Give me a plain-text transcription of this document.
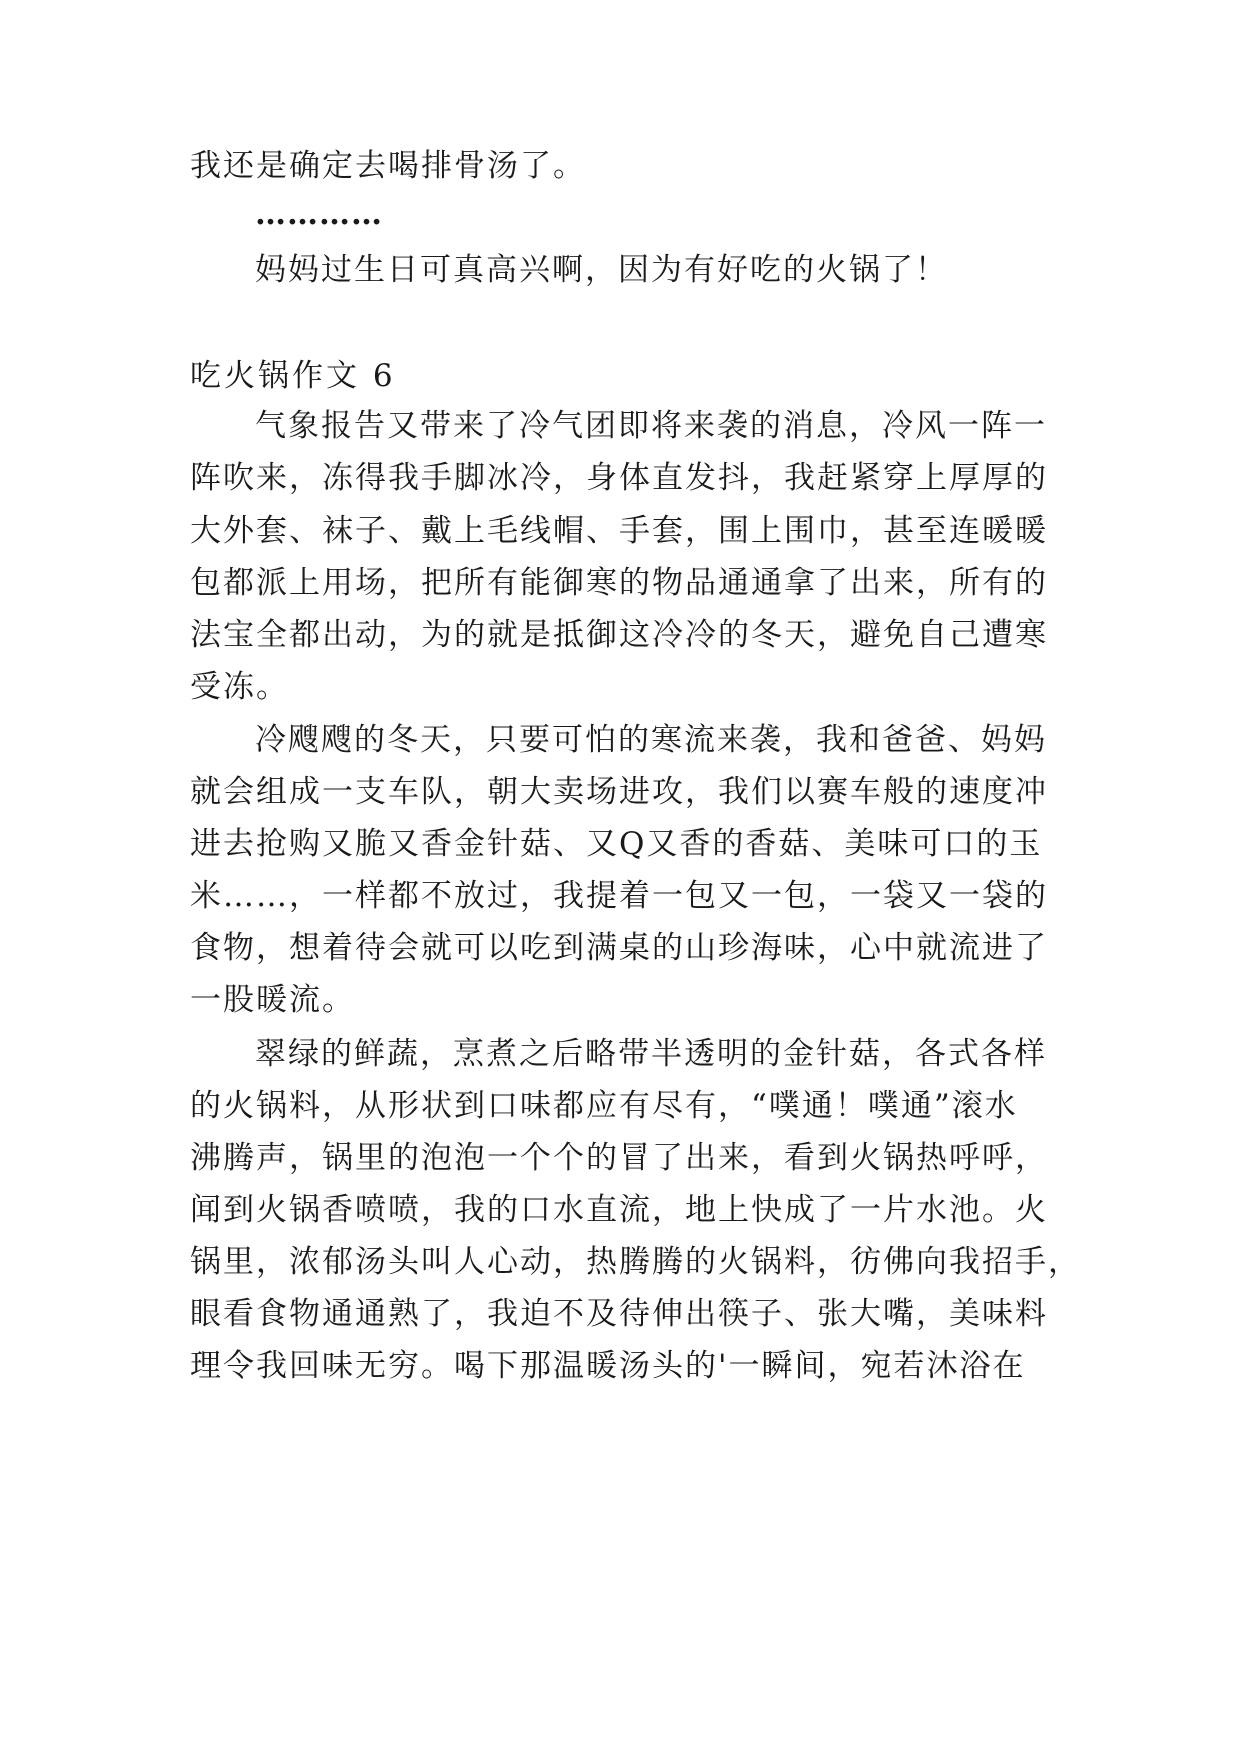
我还是确定去喝排骨汤了。
…………
妈妈过生日可真高兴啊，因为有好吃的火锅了！
吃火锅作文 6
气象报告又带来了冷气团即将来袭的消息，冷风一阵一
阵吹来，冻得我手脚冰冷，身体直发抖，我赶紧穿上厚厚的
大外套、袜子、戴上毛线帽、手套，围上围巾，甚至连暖暖
包都派上用场，把所有能御寒的物品通通拿了出来，所有的
法宝全都出动，为的就是抵御这冷冷的冬天，避免自己遭寒
受冻。
冷飕飕的冬天，只要可怕的寒流来袭，我和爸爸、妈妈
就会组成一支车队，朝大卖场进攻，我们以赛车般的速度冲
进去抢购又脆又香金针菇、又Q又香的香菇、美味可口的玉
米……，一样都不放过，我提着一包又一包，一袋又一袋的
食物，想着待会就可以吃到满桌的山珍海味，心中就流进了
一股暖流。
翠绿的鲜蔬，烹煮之后略带半透明的金针菇，各式各样
的火锅料，从形状到口味都应有尽有，“噗通！噗通”滚水
沸腾声，锅里的泡泡一个个的冒了出来，看到火锅热呼呼，
闻到火锅香喷喷，我的口水直流，地上快成了一片水池。火
锅里，浓郁汤头叫人心动，热腾腾的火锅料，彷佛向我招手，
眼看食物通通熟了，我迫不及待伸出筷子、张大嘴，美味料
理令我回味无穷。喝下那温暖汤头的'一瞬间，宛若沐浴在
